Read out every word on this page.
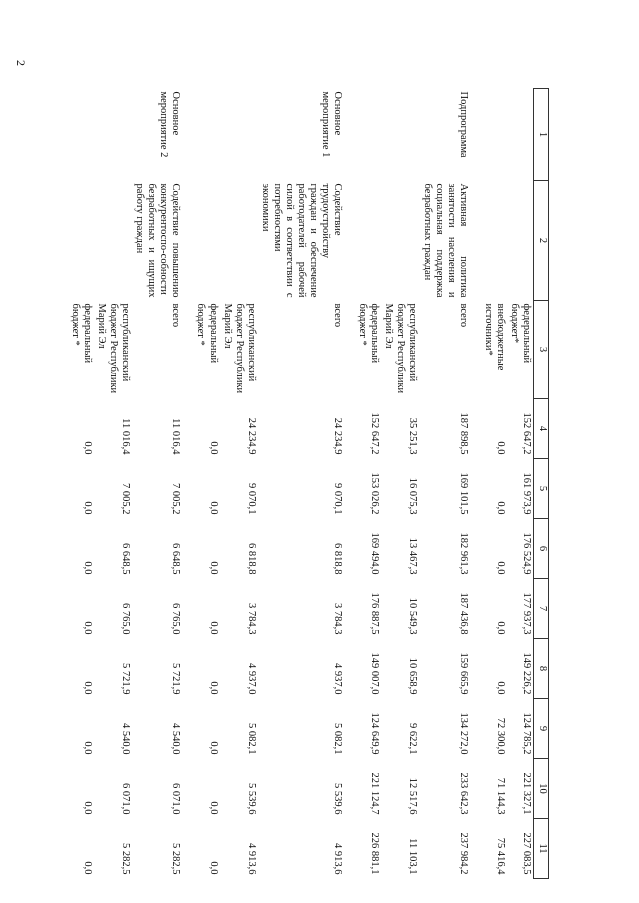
2
1	2	3	4	5	6	7	8	9	10	11
		федеральный бюджет*	152 647,2	161 973,9	176 524,9	177 937,3	149 226,2	124 785,2	221 327,1	227 083,5
		внебюджетные источники*	0,0	0,0	0,0	0,0	0,0	72 300,0	71 144,3	75 416,4
Подпрограмма	Активная политика занятости населения и социальная поддержка безработных граждан	всего	187 898,5	169 101,5	182 961,3	187 436,8	159 665,9	134 272,0	233 642,3	237 984,2
		республиканский бюджет Республики Марий Эл	35 251,3	16 075,3	13 467,3	10 549,3	10 658,9	9 622,1	12 517,6	11 103,1
		федеральный бюджет *	152 647,2	153 026,2	169 494,0	176 887,5	149 007,0	124 649,9	221 124,7	226 881,1
Основное мероприятие 1	Содействие трудоустройству граждан и обеспечение работодателей рабочей силой в соответствии с потребностями экономики	всего	24 234,9	9 070,1	6 818,8	3 784,3	4 937,0	5 082,1	5 539,6	4 913,6
		республиканский бюджет Республики Марий Эл	24 234,9	9 070,1	6 818,8	3 784,3	4 937,0	5 082,1	5 539,6	4 913,6
		федеральный бюджет *	0,0	0,0	0,0	0,0	0,0	0,0	0,0	0,0
Основное мероприятие 2	Содействие повышению конкурентоспо-собности безработных и ищущих работу граждан	всего	11 016,4	7 005,2	6 648,5	6 765,0	5 721,9	4 540,0	6 071,0	5 282,5
		республиканский бюджет Республики Марий Эл	11 016,4	7 005,2	6 648,5	6 765,0	5 721,9	4 540,0	6 071,0	5 282,5
		федеральный бюджет *	0,0	0,0	0,0	0,0	0,0	0,0	0,0	0,0
